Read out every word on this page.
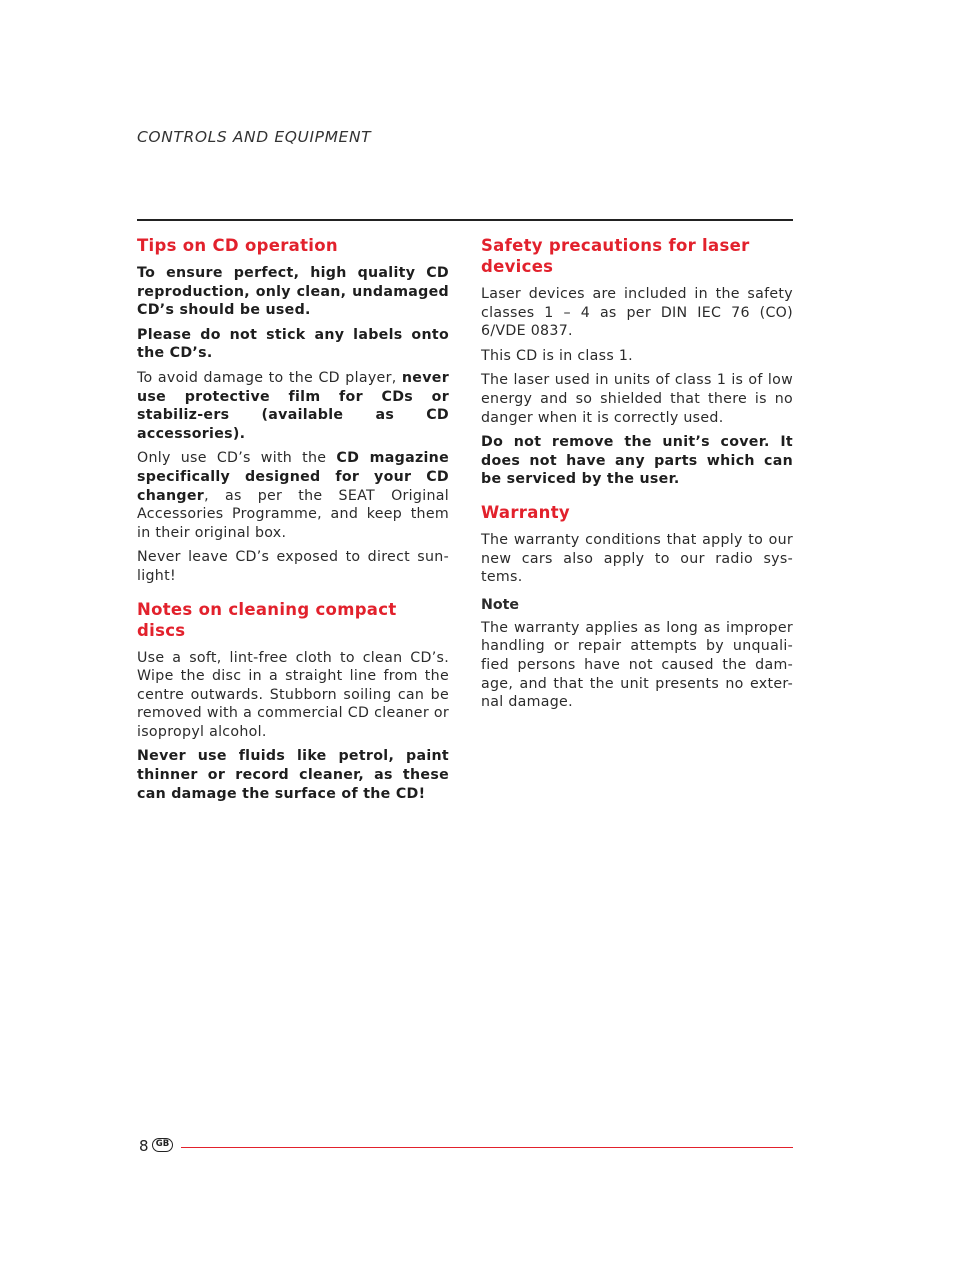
CONTROLS AND EQUIPMENT
Tips on CD operation

To ensure perfect, high quality CD reproduction, only clean, undamaged CD’s should be used.

Please do not stick any labels onto the CD’s.

To avoid damage to the CD player, never use protective film for CDs or stabiliz-ers (available as CD accessories).

Only use CD’s with the CD magazine specifically designed for your CD changer, as per the SEAT Original Accessories Programme, and keep them in their original box.

Never leave CD’s exposed to direct sun-light!

Notes on cleaning compact discs

Use a soft, lint-free cloth to clean CD’s. Wipe the disc in a straight line from the centre outwards. Stubborn soiling can be removed with a commercial CD cleaner or isopropyl alcohol.

Never use fluids like petrol, paint thinner or record cleaner, as these can damage the surface of the CD!

Safety precautions for laser devices

Laser devices are included in the safety classes 1 – 4 as per DIN IEC 76 (CO) 6/VDE 0837.

This CD is in class 1.

The laser used in units of class 1 is of low energy and so shielded that there is no danger when it is correctly used.

Do not remove the unit’s cover. It does not have any parts which can be serviced by the user.

Warranty

The warranty conditions that apply to our new cars also apply to our radio sys-tems.

Note

The warranty applies as long as improper handling or repair attempts by unquali-fied persons have not caused the dam-age, and that the unit presents no exter-nal damage.

8 GB
